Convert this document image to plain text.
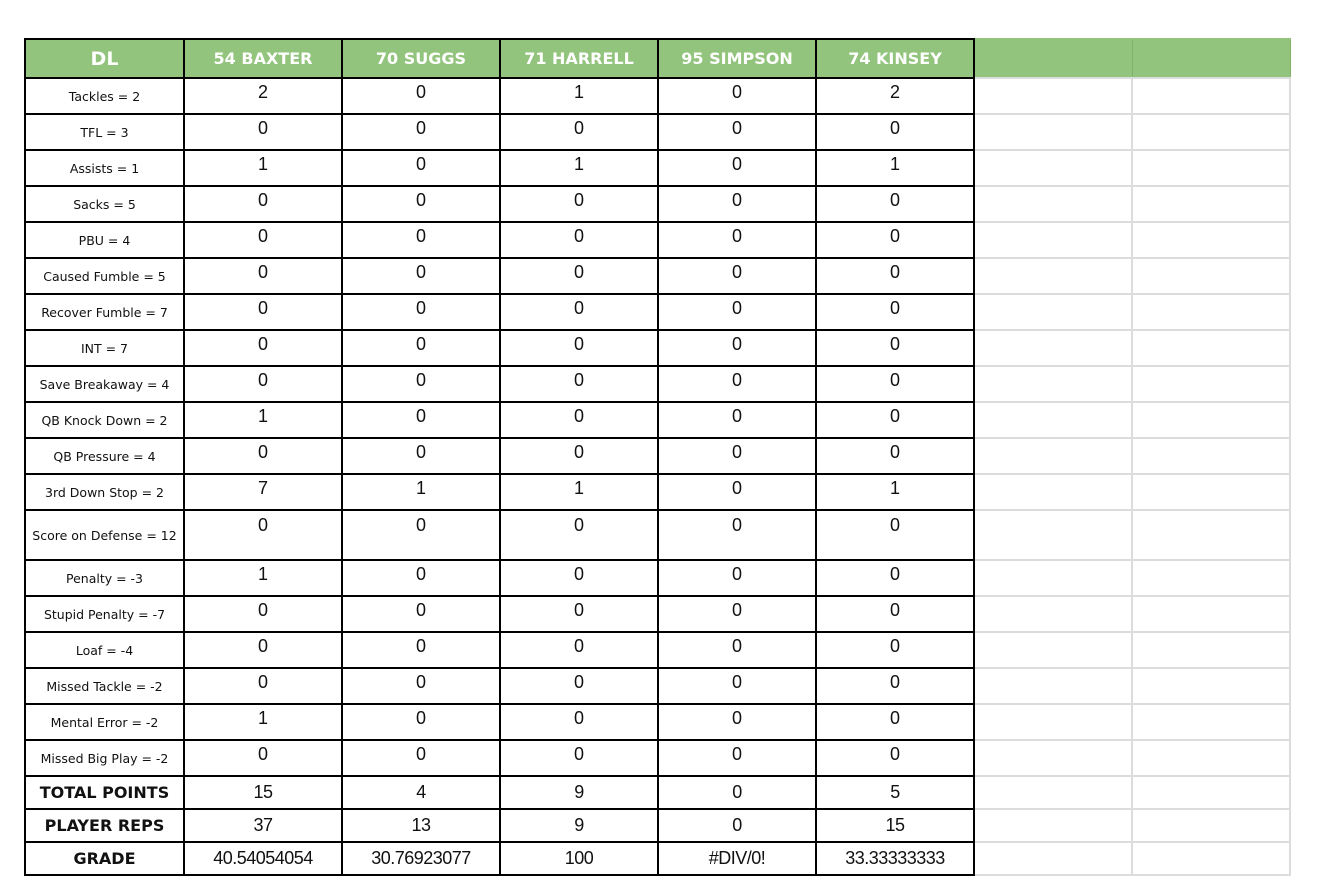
DL	54 BAXTER	70 SUGGS	71 HARRELL	95 SIMPSON	74 KINSEY		
Tackles = 2	2	0	1	0	2		
TFL = 3	0	0	0	0	0		
Assists = 1	1	0	1	0	1		
Sacks = 5	0	0	0	0	0		
PBU = 4	0	0	0	0	0		
Caused Fumble = 5	0	0	0	0	0		
Recover Fumble = 7	0	0	0	0	0		
INT = 7	0	0	0	0	0		
Save Breakaway = 4	0	0	0	0	0		
QB Knock Down = 2	1	0	0	0	0		
QB Pressure = 4	0	0	0	0	0		
3rd Down Stop = 2	7	1	1	0	1		
Score on Defense = 12	0	0	0	0	0		
Penalty = -3	1	0	0	0	0		
Stupid Penalty = -7	0	0	0	0	0		
Loaf = -4	0	0	0	0	0		
Missed Tackle = -2	0	0	0	0	0		
Mental Error = -2	1	0	0	0	0		
Missed Big Play = -2	0	0	0	0	0		
TOTAL POINTS	15	4	9	0	5		
PLAYER REPS	37	13	9	0	15		
GRADE	40.54054054	30.76923077	100	#DIV/0!	33.33333333		
